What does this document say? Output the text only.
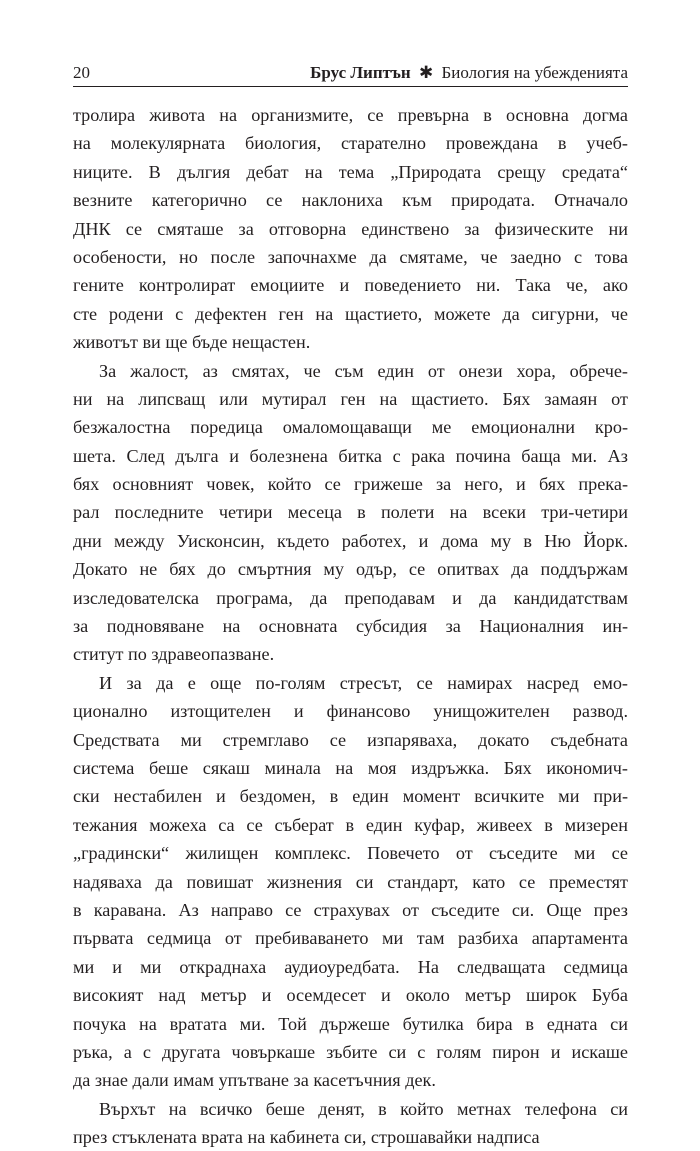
20	Брус Липтън ✱ Биология на убежденията
тролира живота на организмите, се превърна в основна догма
на молекулярната биология, старателно провеждана в учеб-
ниците. В дългия дебат на тема „Природата срещу средата“
везните категорично се наклониха към природата. Отначало
ДНК се смяташе за отговорна единствено за физическите ни
особености, но после започнахме да смятаме, че заедно с това
гените контролират емоциите и поведението ни. Така че, ако
сте родени с дефектен ген на щастието, можете да сигурни, че
животът ви ще бъде нещастен.
За жалост, аз смятах, че съм един от онези хора, обрече-
ни на липсващ или мутирал ген на щастието. Бях замаян от
безжалостна поредица омаломощаващи ме емоционални кро-
шета. След дълга и болезнена битка с рака почина баща ми. Аз
бях основният човек, който се грижеше за него, и бях прека-
рал последните четири месеца в полети на всеки три-четири
дни между Уисконсин, където работех, и дома му в Ню Йорк.
Докато не бях до смъртния му одър, се опитвах да поддържам
изследователска програма, да преподавам и да кандидатствам
за подновяване на основната субсидия за Националния ин-
ститут по здравеопазване.
И за да е още по-голям стресът, се намирах насред емо-
ционално изтощителен и финансово унищожителен развод.
Средствата ми стремглаво се изпаряваха, докато съдебната
система беше сякаш минала на моя издръжка. Бях икономич-
ски нестабилен и бездомен, в един момент всичките ми при-
тежания можеха са се съберат в един куфар, живеех в мизерен
„градински“ жилищен комплекс. Повечето от съседите ми се
надяваха да повишат жизнения си стандарт, като се преместят
в каравана. Аз направо се страхувах от съседите си. Още през
първата седмица от пребиваването ми там разбиха апартамента
ми и ми откраднаха аудиоуредбата. На следващата седмица
високият над метър и осемдесет и около метър широк Буба
почука на вратата ми. Той държеше бутилка бира в едната си
ръка, а с другата човъркаше зъбите си с голям пирон и искаше
да знае дали имам упътване за касетъчния дек.
Върхът на всичко беше денят, в който метнах телефона си
през стъклената врата на кабинета си, строшавайки надписа
